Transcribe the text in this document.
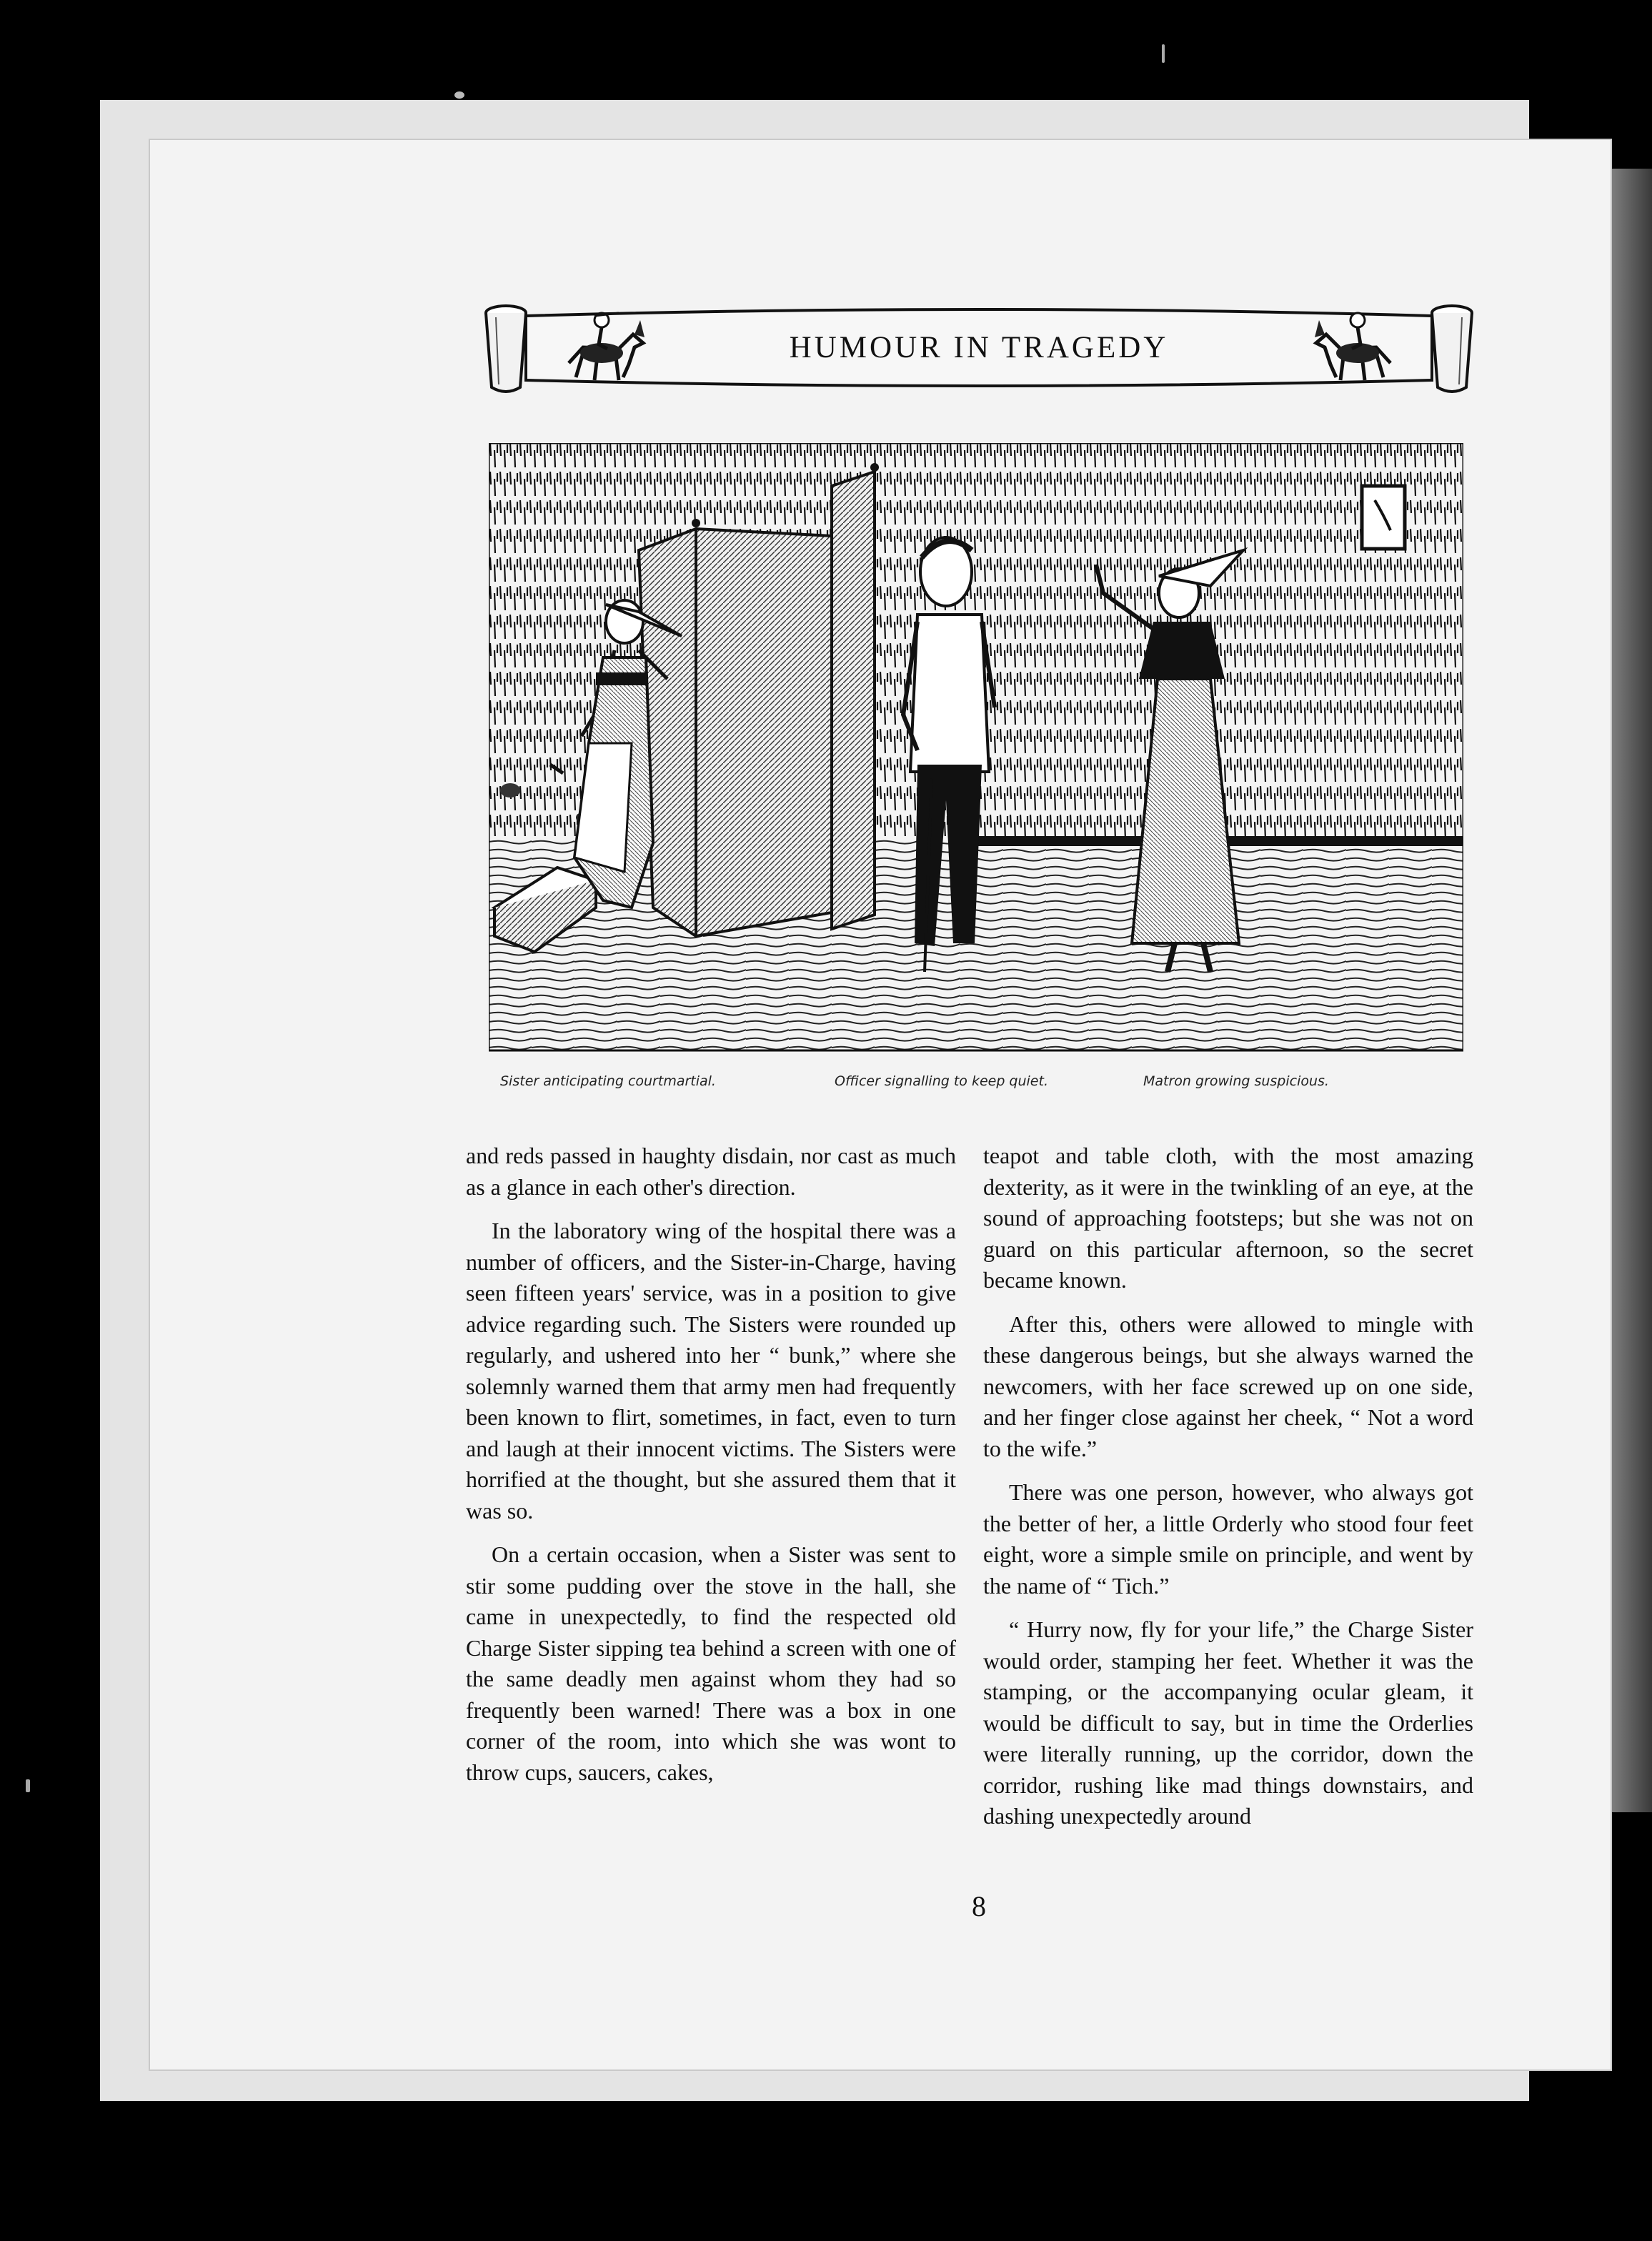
HUMOUR IN TRAGEDY
Sister anticipating courtmartial.	Officer signalling to keep quiet.	Matron growing suspicious.

and reds passed in haughty disdain, nor cast as much as a glance in each other's direction.

In the laboratory wing of the hospital there was a number of officers, and the Sister-in-Charge, having seen fifteen years' service, was in a position to give advice regarding such. The Sisters were rounded up regularly, and ushered into her “ bunk,” where she solemnly warned them that army men had frequently been known to flirt, sometimes, in fact, even to turn and laugh at their innocent victims. The Sisters were horrified at the thought, but she assured them that it was so.

On a certain occasion, when a Sister was sent to stir some pudding over the stove in the hall, she came in unexpectedly, to find the respected old Charge Sister sipping tea behind a screen with one of the same deadly men against whom they had so frequently been warned! There was a box in one corner of the room, into which she was wont to throw cups, saucers, cakes,

teapot and table cloth, with the most amazing dexterity, as it were in the twinkling of an eye, at the sound of approaching footsteps; but she was not on guard on this particular afternoon, so the secret became known.

After this, others were allowed to mingle with these dangerous beings, but she always warned the newcomers, with her face screwed up on one side, and her finger close against her cheek, “ Not a word to the wife.”

There was one person, however, who always got the better of her, a little Orderly who stood four feet eight, wore a simple smile on principle, and went by the name of “ Tich.”

“ Hurry now, fly for your life,” the Charge Sister would order, stamping her feet. Whether it was the stamping, or the accompanying ocular gleam, it would be difficult to say, but in time the Orderlies were literally running, up the corridor, down the corridor, rushing like mad things downstairs, and dashing unexpectedly around

8
